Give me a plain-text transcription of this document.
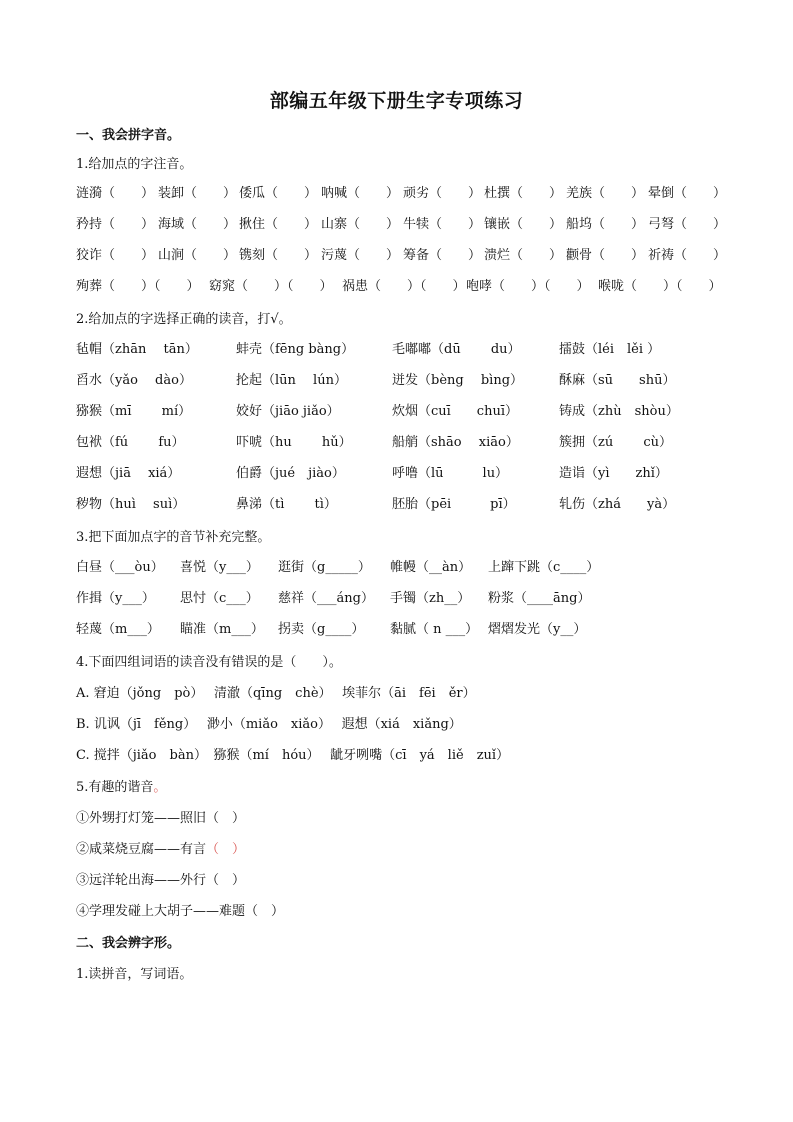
部编五年级下册生字专项练习
一、我会拼字音。
1.给加点的字注音。
涟漪（　　） 装卸（　　） 倭瓜（　　） 呐喊（　　） 顽劣（　　） 杜撰（　　） 羌族（　　） 晕倒（　　）
矜持（　　） 海域（　　） 揪住（　　） 山寨（　　） 牛犊（　　） 镶嵌（　　） 船坞（　　） 弓弩（　　）
狡诈（　　） 山涧（　　） 镌刻（　　） 污蔑（　　） 筹备（　　） 溃烂（　　） 颧骨（　　） 祈祷（　　）
殉葬（　　）（　　） 窈窕（　　）（　　） 祸患（　　）（　　） 咆哮（　　）（　　） 喉咙（　　）（　　）
2.给加点的字选择正确的读音，打√。
毡帽（zhān　 tān）	蚌壳（fēng bàng）	毛嘟嘟（dū　　 du）	擂鼓（léi　lěi ）
舀水（yǎo　 dào）	抡起（lūn　 lún）	迸发（bèng　 bìng）	酥麻（sū　　shū）
猕猴（mī　　 mí）	姣好（jiāo jiǎo）	炊烟（cuī　　chuī）	铸成（zhù　shòu）
包袱（fú　　 fu）	吓唬（hu　　 hǔ）	船艄（shāo　 xiāo）	簇拥（zú　　 cù）
遐想（jiā　 xiá）	伯爵（jué　jiào）	呼噜（lū　　　lu）	造诣（yì　　zhǐ）
秽物（huì　 suì）	鼻涕（tì　　 tì）	胚胎（pēi　　　pī）	轧伤（zhá　　yà）
3.把下面加点字的音节补充完整。
白昼（___òu） 喜悦（y___） 逛街（g_____） 帷幔（__àn） 上蹿下跳（c____）
作揖（y___） 思忖（c___） 慈祥（___áng） 手镯（zh__） 粉浆（____āng）
轻蔑（m___） 瞄准（m___） 拐卖（g____） 黏腻（ n ___） 熠熠发光（y__）
4.下面四组词语的读音没有错误的是（　　）。
A. 窘迫（jǒng　pò）　 清澈（qīng　chè）　 埃菲尔（āi　fēi　ěr）
B. 讥讽（jī　fěng）　 渺小（miǎo　xiǎo）　 遐想（xiá　xiǎng）
C. 搅拌（jiǎo　bàn）　猕猴（mí　hóu）　 龇牙咧嘴（cī　yá　liě　zuǐ）
5.有趣的谐音。
①外甥打灯笼——照旧（　）
②咸菜烧豆腐——有言（　）
③远洋轮出海——外行（　）
④学理发碰上大胡子——难题（　）
二、我会辨字形。
1.读拼音，写词语。
